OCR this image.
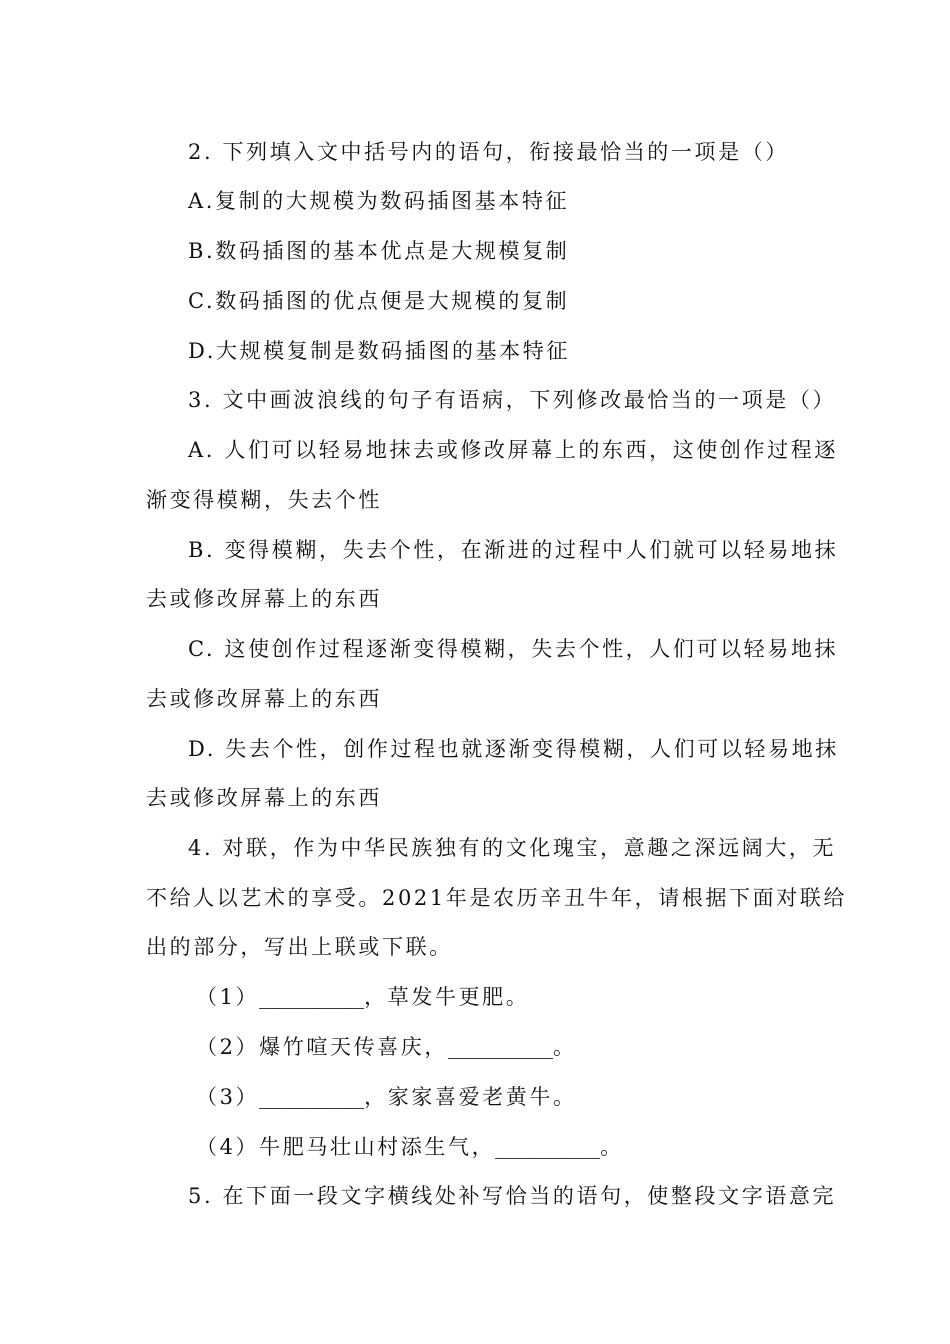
2. 下列填入文中括号内的语句，衔接最恰当的一项是（）
A.复制的大规模为数码插图基本特征
B.数码插图的基本优点是大规模复制
C.数码插图的优点便是大规模的复制
D.大规模复制是数码插图的基本特征
3. 文中画波浪线的句子有语病，下列修改最恰当的一项是（）
A. 人们可以轻易地抹去或修改屏幕上的东西，这使创作过程逐
渐变得模糊，失去个性
B. 变得模糊，失去个性，在渐进的过程中人们就可以轻易地抹
去或修改屏幕上的东西
C. 这使创作过程逐渐变得模糊，失去个性，人们可以轻易地抹
去或修改屏幕上的东西
D. 失去个性，创作过程也就逐渐变得模糊，人们可以轻易地抹
去或修改屏幕上的东西
4. 对联，作为中华民族独有的文化瑰宝，意趣之深远阔大，无
不给人以艺术的享受。2021年是农历辛丑牛年，请根据下面对联给
出的部分，写出上联或下联。
（1）__________，草发牛更肥。
（2）爆竹喧天传喜庆，__________。
（3）__________，家家喜爱老黄牛。
（4）牛肥马壮山村添生气，__________。
5. 在下面一段文字横线处补写恰当的语句，使整段文字语意完
